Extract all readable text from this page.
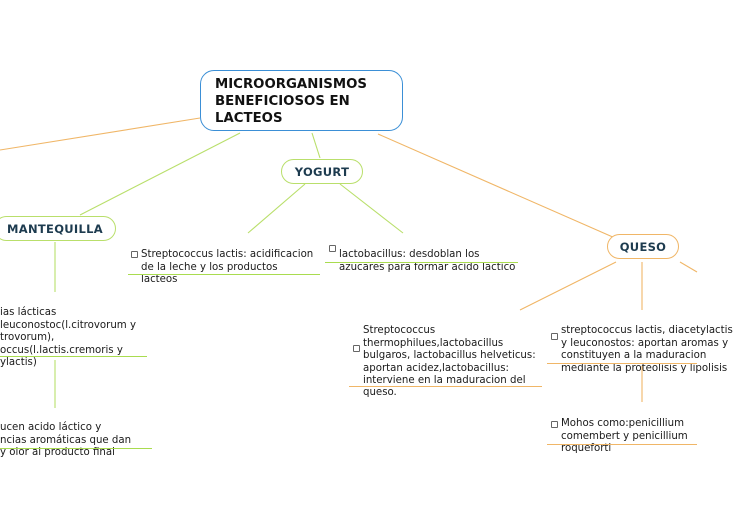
MICROORGANISMOS
BENEFICIOSOS EN
LACTEOS
MANTEQUILLA
YOGURT
QUESO

ias lácticas
leuconostoc(l.citrovorum y
trovorum),
occus(l.lactis.cremoris y
ylactis)

ucen acido láctico y
ncias aromáticas que dan
y olor al producto final

Streptococcus lactis: acidificacion
de la leche y los productos
lacteos

lactobacillus: desdoblan los
azucares para formar acido lactico

Streptococcus
thermophilues,lactobacillus
bulgaros, lactobacillus helveticus:
aportan acidez,lactobacillus:
interviene en la maduracion del
queso.

streptococcus lactis, diacetylactis
y leuconostos: aportan aromas y
constituyen a la maduracion
mediante la proteolisis y lipolisis

Mohos como:penicillium
comembert y penicillium
roqueforti
